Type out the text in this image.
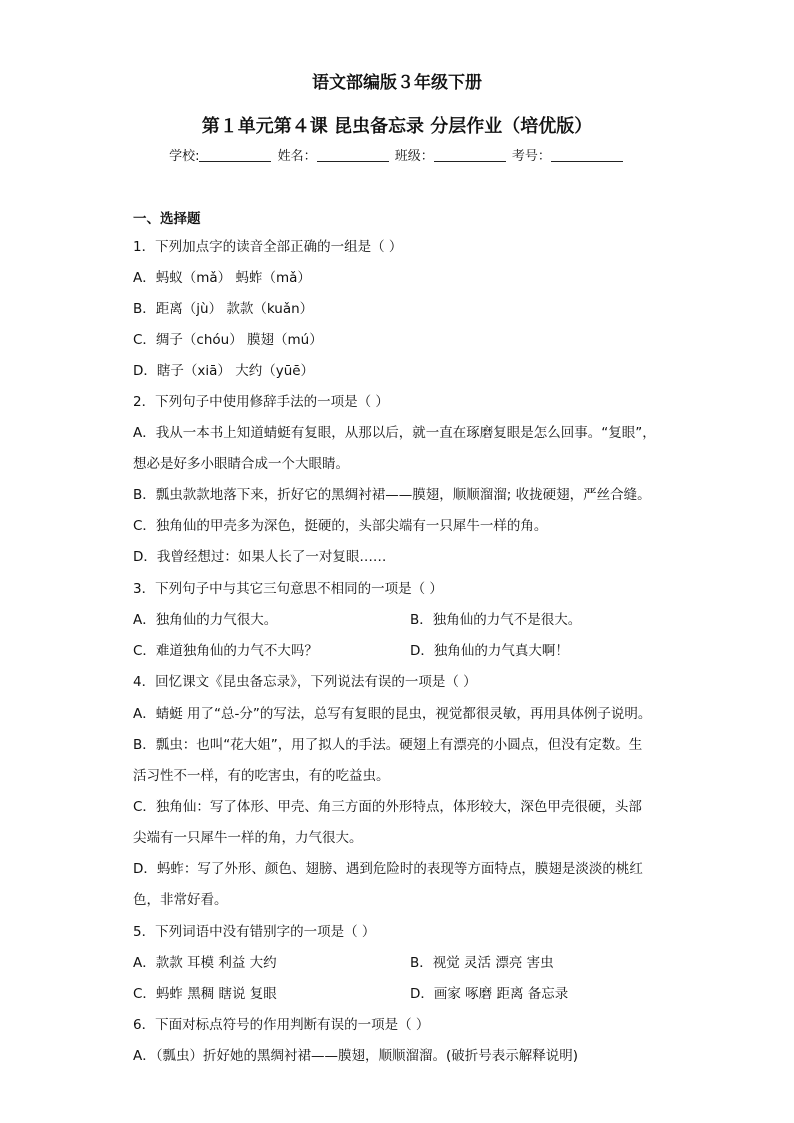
语文部编版３年级下册
第１单元第４课 昆虫备忘录 分层作业（培优版）
学校:	姓名：	班级：	考号：
一、选择题
1．下列加点字的读音全部正确的一组是（ ）
A．蚂蚁（mǎ） 蚂蚱（mǎ）
B．距离（jù） 款款（kuǎn）
C．绸子（chóu） 膜翅（mú）
D．瞎子（xiā） 大约（yūē）
2．下列句子中使用修辞手法的一项是（ ）
A．我从一本书上知道蜻蜓有复眼，从那以后，就一直在琢磨复眼是怎么回事。“复眼”，
想必是好多小眼睛合成一个大眼睛。
B．瓢虫款款地落下来，折好它的黑绸衬裙——膜翅，顺顺溜溜; 收拢硬翅，严丝合缝。
C．独角仙的甲壳多为深色，挺硬的，头部尖端有一只犀牛一样的角。
D．我曾经想过：如果人长了一对复眼……
3．下列句子中与其它三句意思不相同的一项是（ ）
A．独角仙的力气很大。	B．独角仙的力气不是很大。
C．难道独角仙的力气不大吗？	D．独角仙的力气真大啊！
4．回忆课文《昆虫备忘录》，下列说法有误的一项是（ ）
A．蜻蜓 用了“总-分”的写法，总写有复眼的昆虫，视觉都很灵敏，再用具体例子说明。
B．瓢虫：也叫“花大姐”，用了拟人的手法。硬翅上有漂亮的小圆点，但没有定数。生
活习性不一样，有的吃害虫，有的吃益虫。
C．独角仙：写了体形、甲壳、角三方面的外形特点，体形较大，深色甲壳很硬，头部
尖端有一只犀牛一样的角，力气很大。
D．蚂蚱：写了外形、颜色、翅膀、遇到危险时的表现等方面特点，膜翅是淡淡的桃红
色，非常好看。
5．下列词语中没有错别字的一项是（ ）
A．款款 耳模 利益 大约	B．视觉 灵活 漂亮 害虫
C．蚂蚱 黑稠 瞎说 复眼	D．画家 啄磨 距离 备忘录
6．下面对标点符号的作用判断有误的一项是（ ）
A．（瓢虫）折好她的黑绸衬裙——膜翅，顺顺溜溜。(破折号表示解释说明)
